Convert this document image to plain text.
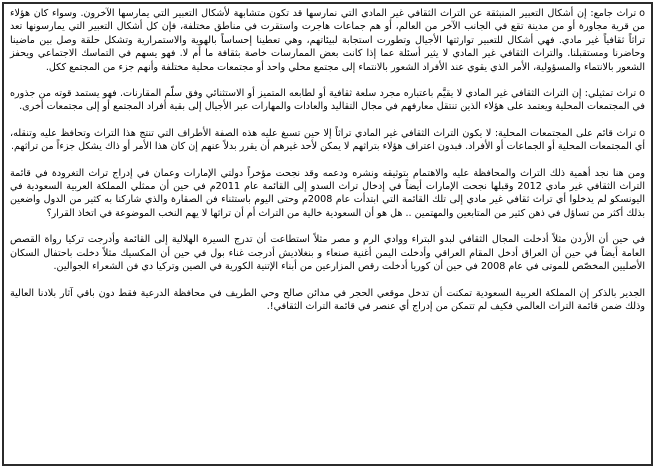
oتراث جامع: إن أشكال التعبير المنبثقة عن التراث الثقافي غير المادي التي نمارسها قد تكون متشابهة لأشكال التعبير التي يمارسها الآخرون. وسواء كان هؤلاء من قرية مجاورة أو من مدينة تقع في الجانب الآخر من العالم، أو هم جماعات هاجرت واستقرت في مناطق مختلفة، فإن كل أشكال التعبير التي يمارسونها تعد تراثاً ثقافياً غير مادي. فهي أشكال للتعبير توارثتها الأجيال وتطورت استجابة لبيئاتهم، وهي تعطينا إحساساً بالهوية والاستمرارية وتشكل حلقة وصل بين ماضينا وحاضرنا ومستقبلنا. والتراث الثقافي غير المادي لا يثير أسئلة عما إذا كانت بعض الممارسات خاصة بثقافة ما أم لا. فهو يسهم في التماسك الاجتماعي ويحفز الشعور بالانتماء والمسؤولية، الأمر الذي يقوي عند الأفراد الشعور بالانتماء إلى مجتمع محلي واحد أو مجتمعات محلية مختلفة وأنهم جزء من المجتمع ككل.

oتراث تمثيلي: إن التراث الثقافي غير المادي لا يقيَّم باعتباره مجرد سلعة ثقافية أو لطابعه المتميز أو الاستثنائي وفق سلّم المقارنات. فهو يستمد قوته من جذوره في المجتمعات المحلية ويعتمد على هؤلاء الذين تنتقل معارفهم في مجال التقاليد والعادات والمهارات عبر الأجيال إلى بقية أفراد المجتمع أو إلى مجتمعات أخرى.

oتراث قائم على المجتمعات المحلية: لا يكون التراث الثقافي غير المادي تراثاً إلا حين تسبغ عليه هذه الصفة الأطراف التي تنتج هذا التراث وتحافظ عليه وتنقله، أي المجتمعات المحلية أو الجماعات أو الأفراد. فبدون اعتراف هؤلاء بتراثهم لا يمكن لأحد غيرهم أن يقرر بدلاً عنهم إن كان هذا الأمر أو ذاك يشكل جزءاً من تراثهم.

ومن هنا نجد أهمية ذلك التراث والمحافظة عليه والاهتمام بتوثيقه ونشره ودعمه وقد نجحت مؤخراً دولتي الإمارات وعمان في إدراج تراث التغرودة في قائمة التراث الثقافي غير مادي 2012 وقبلها نجحت الإمارات أيضاً في إدخال تراث السدو إلى القائمة عام 2011م في حين أن ممثلي المملكة العربية السعودية في اليونسكو لم يدخلوا أي تراث ثقافي غير مادي إلى تلك القائمة التي ابتدأت عام 2008م وحتى اليوم باستثناء فن الصقارة والذي شاركنا به كثير من الدول واضعين بذلك أكثر من تساؤل في ذهن كثير من المتابعين والمهتمين .. هل هو أن السعودية خالية من التراث أم أن تراثها لا يهم النخب الموضوعة في اتخاذ القرار؟

في حين أن الأردن مثلاً أدخلت المجال الثقافي لبدو البتراء ووادي الرم و مصر مثلاً استطاعت أن تدرج السيرة الهلالية إلى القائمة وأدرجت تركيا رواة القصص العامة أيضاً في حين أن العراق أدخل المقام العراقي وأدخلت اليمن أغنية صنعاء و بنغلاديش أدرجت غناء بول في حين أن المكسيك مثلاً دخلت باحتفال السكان الأصليين المخصّص للموتى في عام 2008 في حين أن كوريا أدخلت رقص المزارعين من أبناء الإتنية الكورية في الصين وتركيا دي فن الشعراء الجوالين.

الجدير بالذكر إن المملكة العربية السعودية تمكنت أن تدخل موقعي الحجر في مدائن صالح وحي الطريف في محافظة الدرعية فقط دون باقي آثار بلادنا العالية وذلك ضمن قائمة التراث العالمي فكيف لم تتمكن من إدراج أي عنصر في قائمة التراث الثقافي!.
